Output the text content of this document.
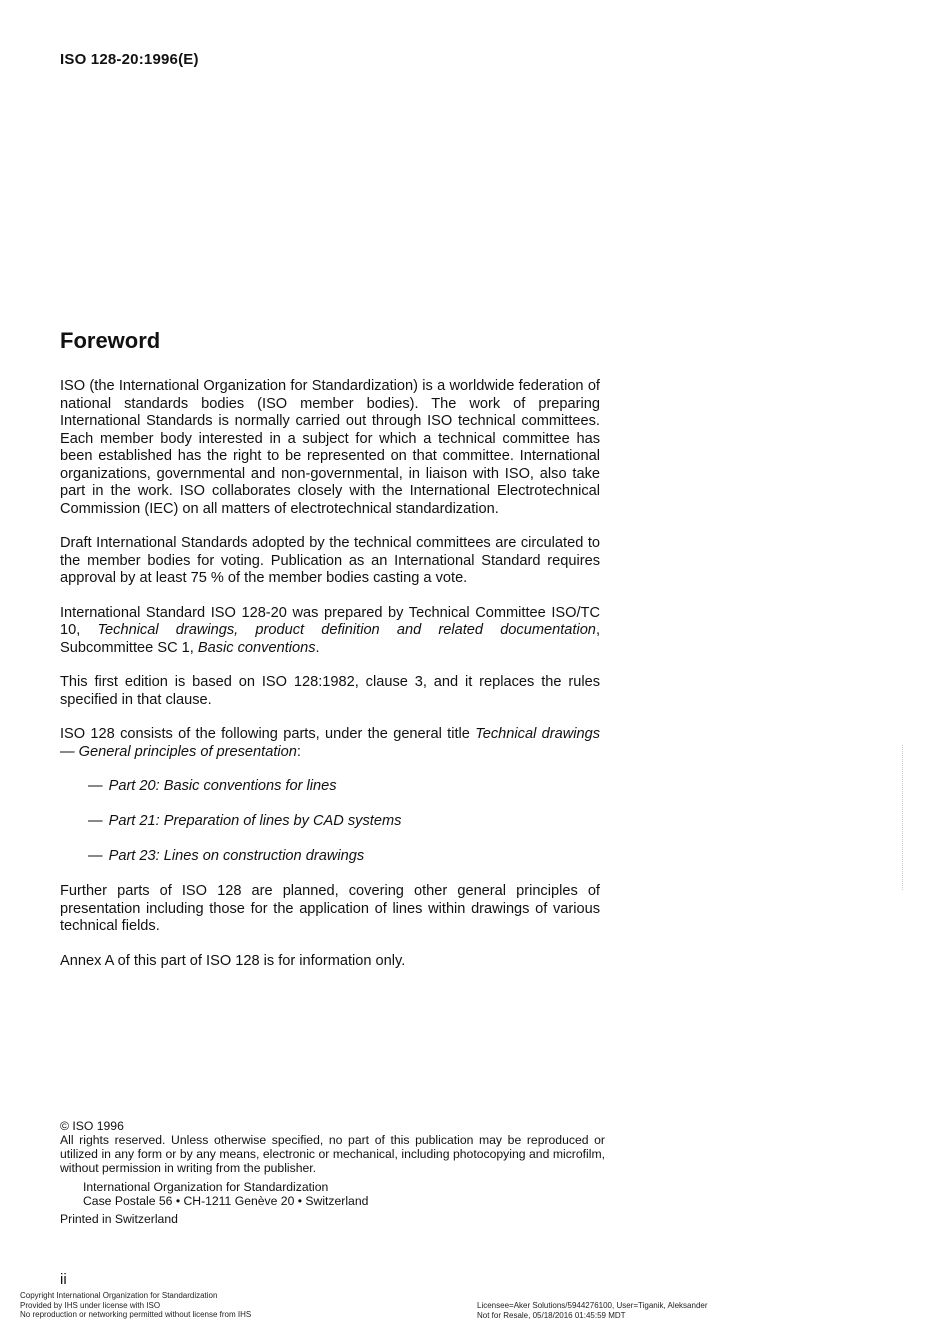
ISO 128-20:1996(E)
Foreword

ISO (the International Organization for Standardization) is a worldwide federation of national standards bodies (ISO member bodies). The work of preparing International Standards is normally carried out through ISO technical committees. Each member body interested in a subject for which a technical committee has been established has the right to be represented on that committee. International organizations, governmental and non-governmental, in liaison with ISO, also take part in the work. ISO collaborates closely with the International Electrotechnical Commission (IEC) on all matters of electrotechnical standardization.

Draft International Standards adopted by the technical committees are circulated to the member bodies for voting. Publication as an International Standard requires approval by at least 75 % of the member bodies casting a vote.

International Standard ISO 128-20 was prepared by Technical Committee ISO/TC 10, Technical drawings, product definition and related documentation, Subcommittee SC 1, Basic conventions.

This first edition is based on ISO 128:1982, clause 3, and it replaces the rules specified in that clause.

ISO 128 consists of the following parts, under the general title Technical drawings — General principles of presentation:

— Part 20: Basic conventions for lines

— Part 21: Preparation of lines by CAD systems

— Part 23: Lines on construction drawings

Further parts of ISO 128 are planned, covering other general principles of presentation including those for the application of lines within drawings of various technical fields.

Annex A of this part of ISO 128 is for information only.

© ISO 1996

All rights reserved. Unless otherwise specified, no part of this publication may be reproduced or utilized in any form or by any means, electronic or mechanical, including photocopying and microfilm, without permission in writing from the publisher.

International Organization for Standardization

Case Postale 56 • CH-1211 Genève 20 • Switzerland

Printed in Switzerland

ii
Copyright International Organization for Standardization
Provided by IHS under license with ISO
No reproduction or networking permitted without license from IHS
Licensee=Aker Solutions/5944276100, User=Tiganik, Aleksander
Not for Resale, 05/18/2016 01:45:59 MDT
